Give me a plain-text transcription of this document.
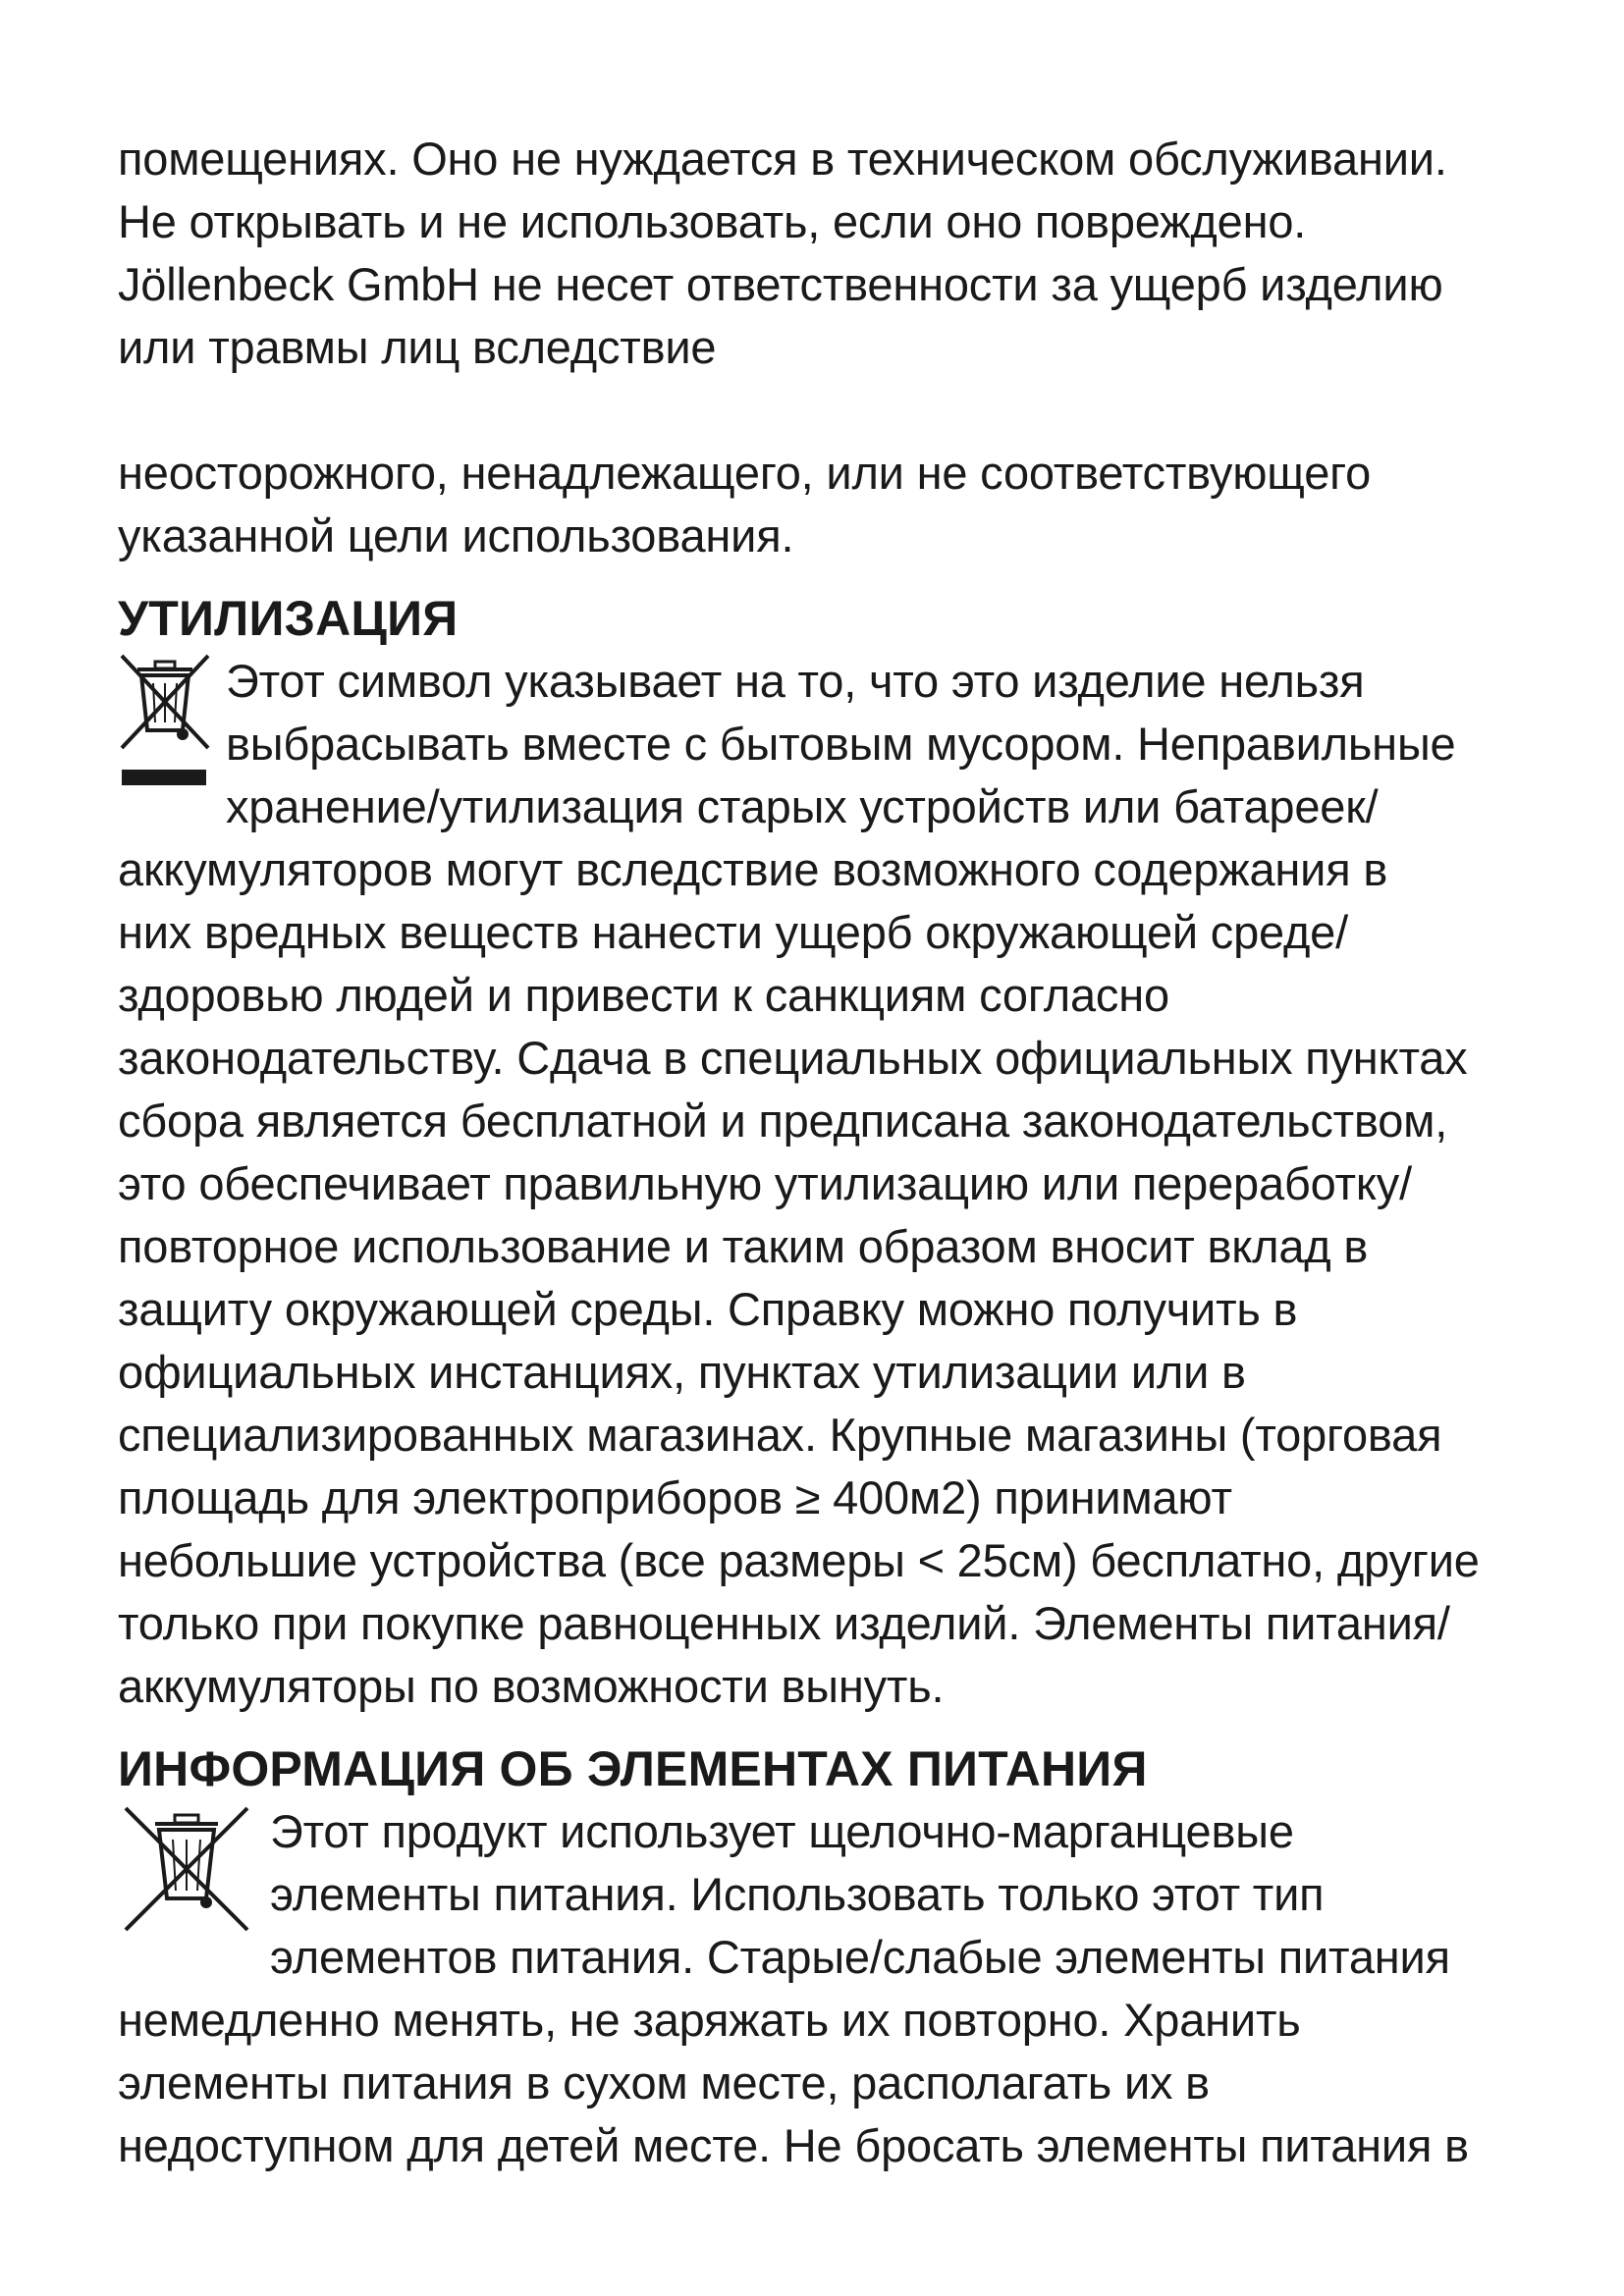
помещениях. Оно не нуждается в техническом обслуживании.
Не открывать и не использовать, если оно повреждено.
Jöllenbeck GmbH не несет ответственности за ущерб изделию
или травмы лиц вследствие
неосторожного, ненадлежащего, или не соответствующего
указанной цели использования.
УТИЛИЗАЦИЯ
Этот символ указывает на то, что это изделие нельзя
выбрасывать вместе с бытовым мусором. Неправильные
хранение/утилизация старых устройств или батареек/
аккумуляторов могут вследствие возможного содержания в
них вредных веществ нанести ущерб окружающей среде/
здоровью людей и привести к санкциям согласно
законодательству. Сдача в специальных официальных пунктах
сбора является бесплатной и предписана законодательством,
это обеспечивает правильную утилизацию или переработку/
повторное использование и таким образом вносит вклад в
защиту окружающей среды. Справку можно получить в
официальных инстанциях, пунктах утилизации или в
специализированных магазинах. Крупные магазины (торговая
площадь для электроприборов ≥ 400м2) принимают
небольшие устройства (все размеры < 25см) бесплатно, другие
только при покупке равноценных изделий. Элементы питания/
аккумуляторы по возможности вынуть.
ИНФОРМАЦИЯ ОБ ЭЛЕМЕНТАХ ПИТАНИЯ
Этот продукт использует щелочно-марганцевые
элементы питания. Использовать только этот тип
элементов питания. Старые/слабые элементы питания
немедленно менять, не заряжать их повторно. Хранить
элементы питания в сухом месте, располагать их в
недоступном для детей месте. Не бросать элементы питания в
